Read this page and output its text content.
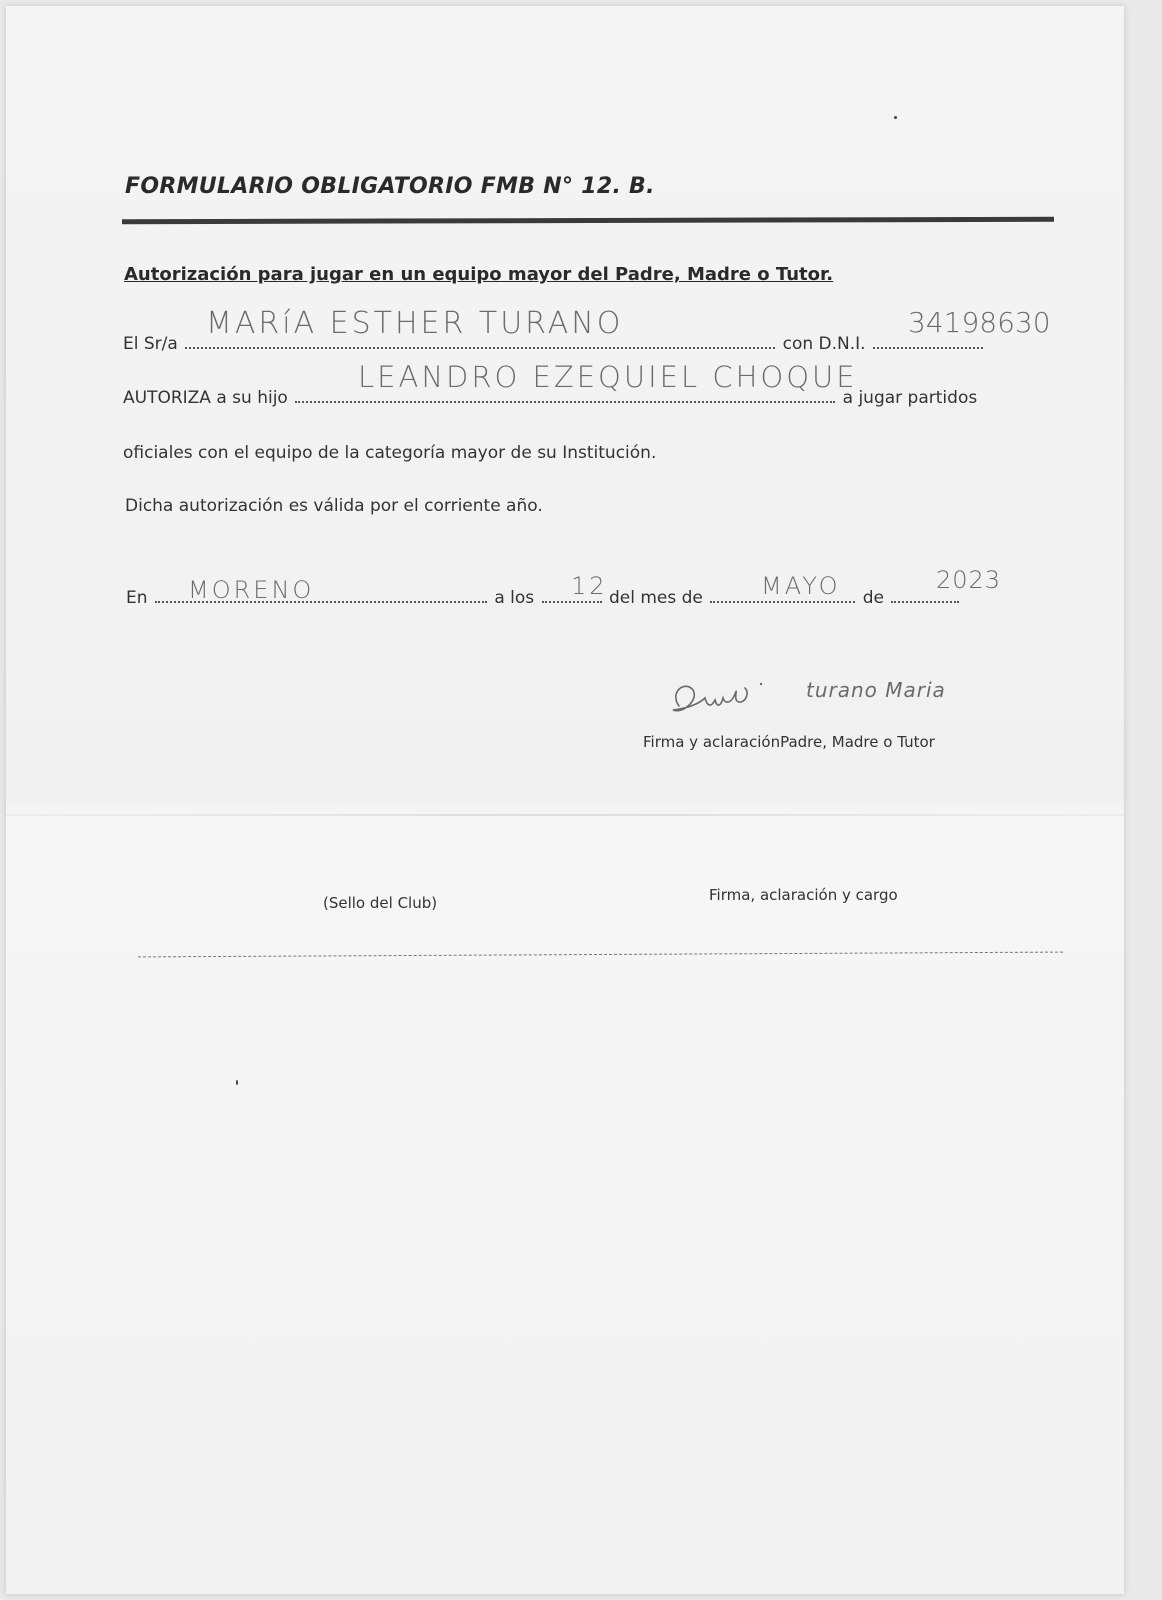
FORMULARIO OBLIGATORIO FMB N° 12. B.
Autorización para jugar en un equipo mayor del Padre, Madre o Tutor.
El Sr/a	con D.N.I.
MARíA ESTHER TURANO	34198630
AUTORIZA a su hijo	a jugar partidos
LEANDRO EZEQUIEL CHOQUE
oficiales con el equipo de la categoría mayor de su Institución.
Dicha autorización es válida por el corriente año.
En	a los	del mes de	de
MORENO	12	MAYO	2023
turano Maria
Firma y aclaraciónPadre, Madre o Tutor
(Sello del Club)	Firma, aclaración y cargo
